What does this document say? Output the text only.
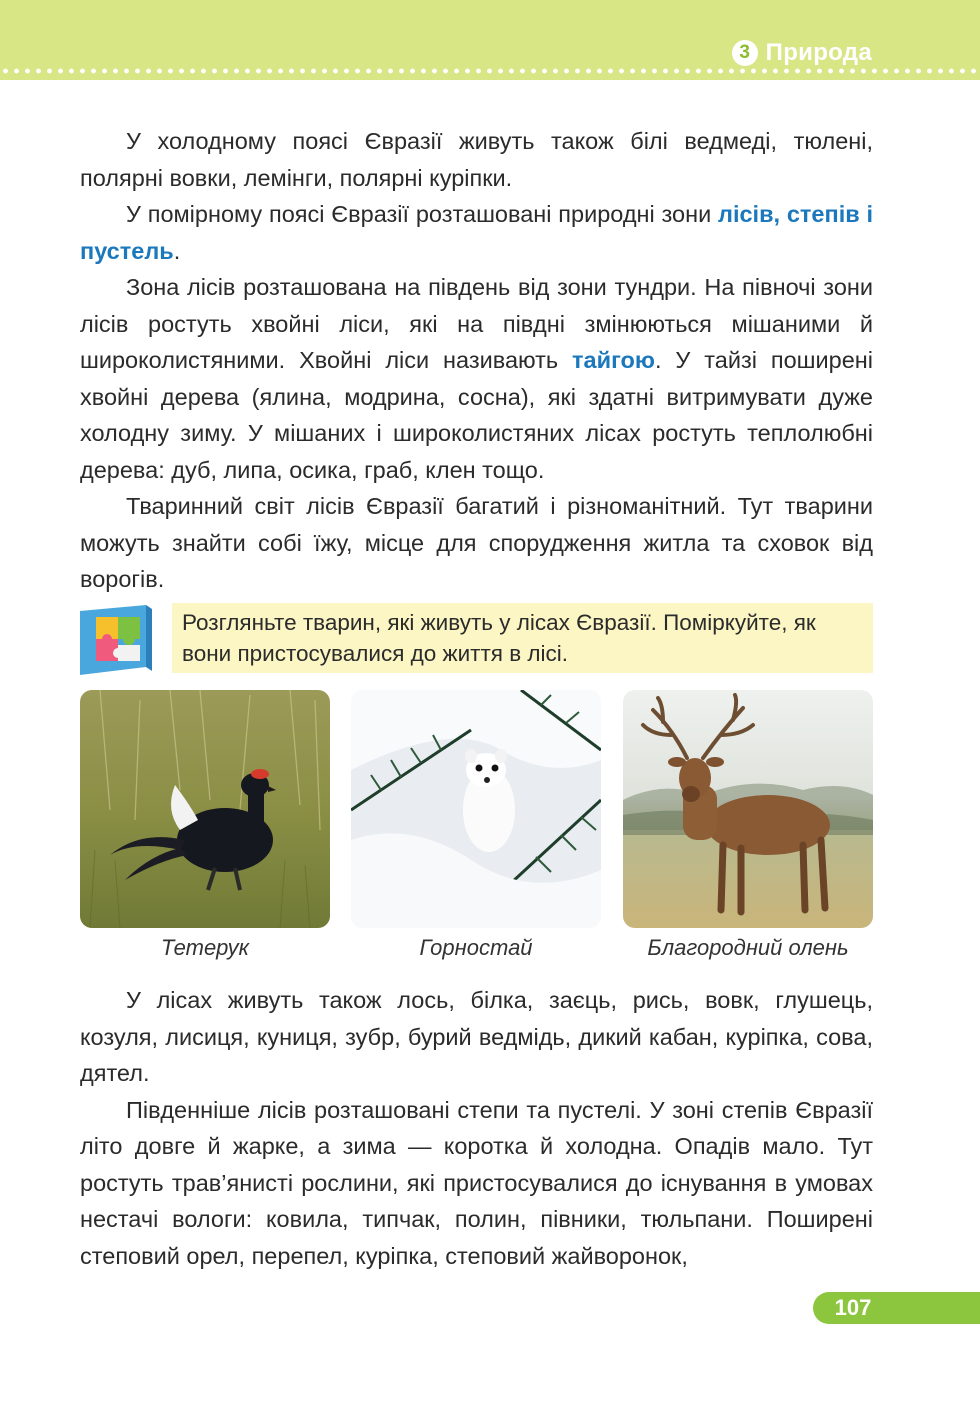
3 Природа

У холодному поясі Євразії живуть також білі ведмеді, тюлені, полярні вовки, лемінги, полярні курiпки.

У помірному поясі Євразії розташовані природні зони лісів, степів і пустель.

Зона лісів розташована на південь від зони тундри. На півночі зони лісів ростуть хвойні ліси, які на півдні змінюються мішаними й широколистяними. Хвойні ліси називають тайгою. У тайзі поширені хвойні дерева (ялина, модрина, сосна), які здатні витримувати дуже холодну зиму. У мішаних і широколистяних лісах ростуть теплолюбні дерева: дуб, липа, осика, граб, клен тощо.

Тваринний світ лісів Євразії багатий і різноманітний. Тут тварини можуть знайти собі їжу, місце для спорудження житла та сховок від ворогів.

Розгляньте тварин, які живуть у лісах Євразії. Поміркуйте, як вони пристосувалися до життя в лісі.
Тетерук	Горностай	Благородний олень

У лісах живуть також лось, білка, заєць, рись, вовк, глушець, козуля, лисиця, куниця, зубр, бурий ведмідь, дикий кабан, куріпка, сова, дятел.

Південніше лісів розташовані степи та пустелі. У зоні степів Євразії літо довге й жарке, а зима — коротка й холодна. Опадів мало. Тут ростуть трав’янисті рослини, які пристосувалися до існування в умовах нестачі вологи: ковила, типчак, полин, півники, тюльпани. Поширені степовий орел, перепел, куріпка, степовий жайворонок,

107
